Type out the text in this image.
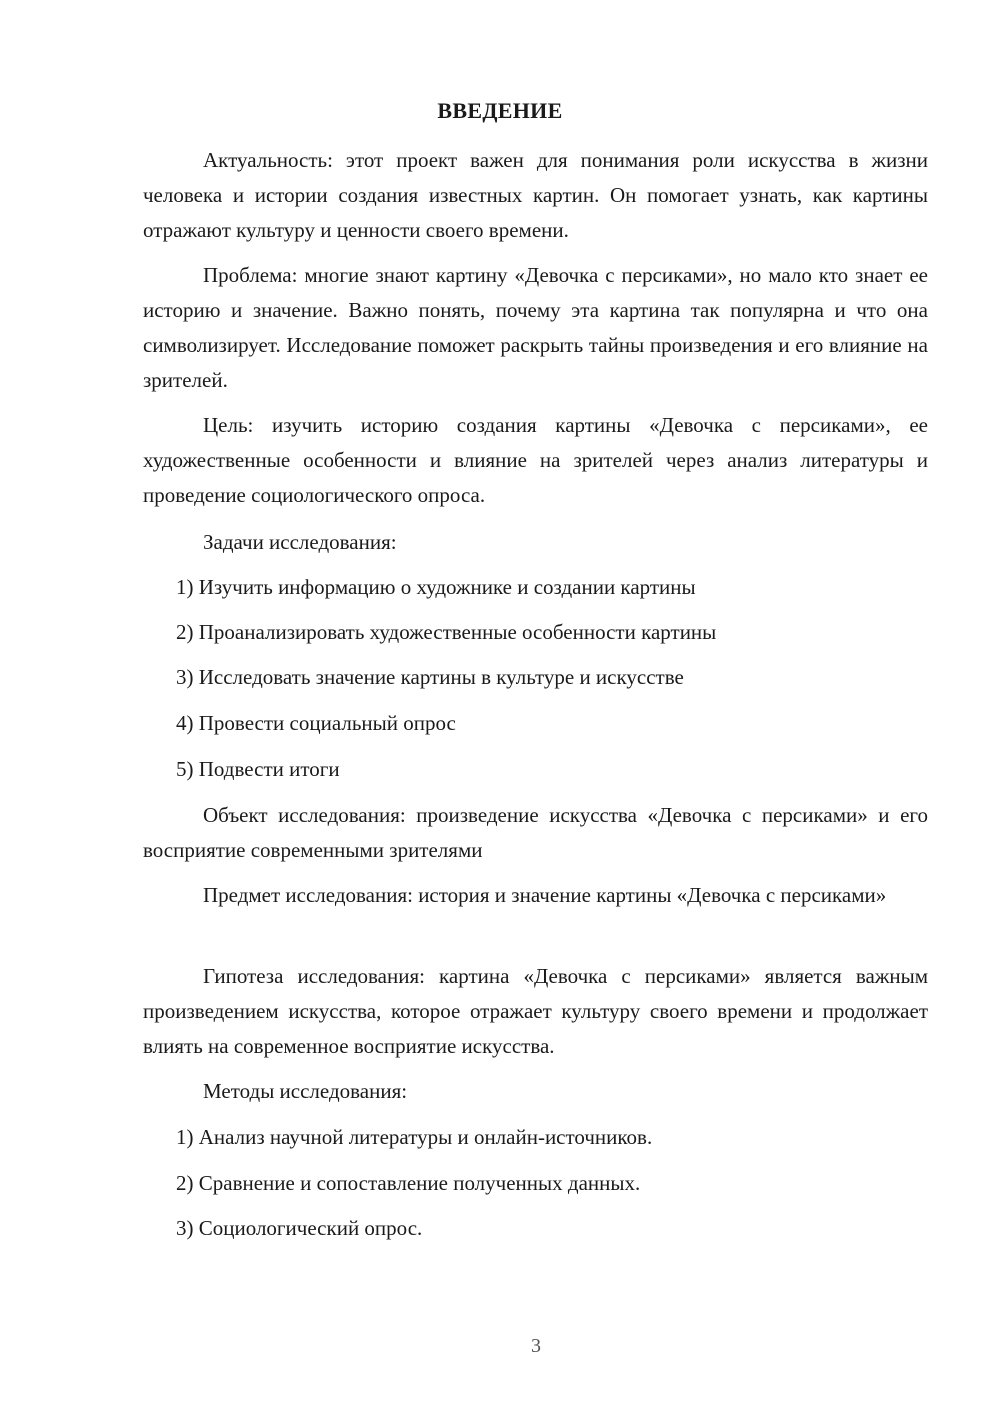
ВВЕДЕНИЕ

Актуальность: этот проект важен для понимания роли искусства в жизни человека и истории создания известных картин. Он помогает узнать, как картины отражают культуру и ценности своего времени.

Проблема: многие знают картину «Девочка с персиками», но мало кто знает ее историю и значение. Важно понять, почему эта картина так популярна и что она символизирует. Исследование поможет раскрыть тайны произведения и его влияние на зрителей.

Цель: изучить историю создания картины «Девочка с персиками», ее художественные особенности и влияние на зрителей через анализ литературы и проведение социологического опроса.

Задачи исследования:

1) Изучить информацию о художнике и создании картины

2) Проанализировать художественные особенности картины

3) Исследовать значение картины в культуре и искусстве

4) Провести социальный опрос

5) Подвести итоги

Объект исследования: произведение искусства «Девочка с персиками» и его восприятие современными зрителями

Предмет исследования: история и значение картины «Девочка с персиками»

Гипотеза исследования: картина «Девочка с персиками» является важным произведением искусства, которое отражает культуру своего времени и продолжает влиять на современное восприятие искусства.

Методы исследования:

1) Анализ научной литературы и онлайн-источников.

2) Сравнение и сопоставление полученных данных.

3) Социологический опрос.

3
